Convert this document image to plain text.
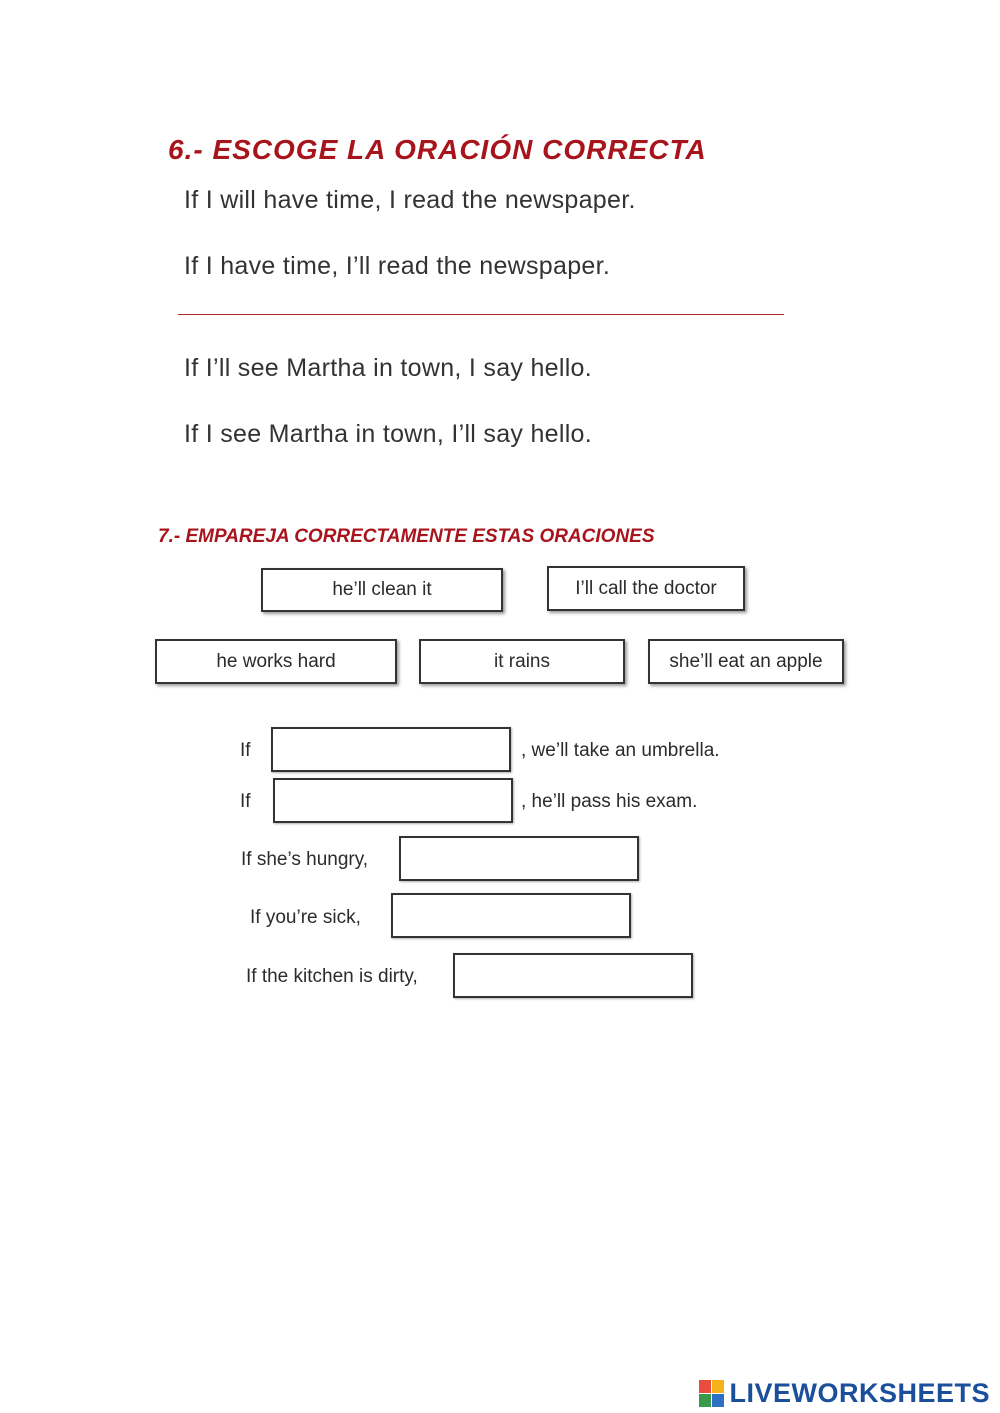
6.- ESCOGE LA ORACIÓN CORRECTA
If I will have time, I read the newspaper.
If I have time, I’ll read the newspaper.
If I’ll see Martha in town, I say hello.
If I see Martha in town, I’ll say hello.
7.- EMPAREJA CORRECTAMENTE ESTAS ORACIONES
he’ll clean it	I’ll call the doctor
he works hard	it rains	she’ll eat an apple
If	, we’ll take an umbrella.
If	, he’ll pass his exam.
If she’s hungry,
If you’re sick,
If the kitchen is dirty,
LIVEWORKSHEETS
